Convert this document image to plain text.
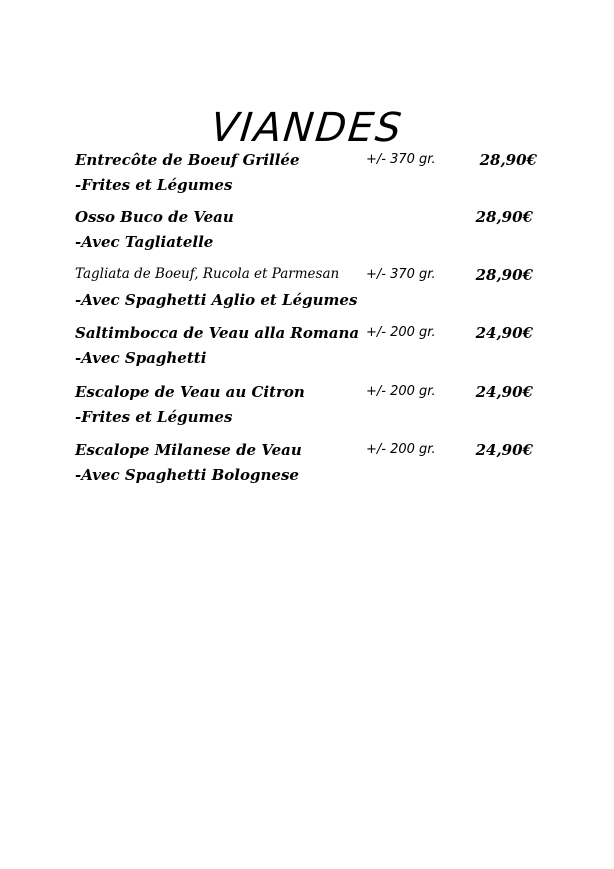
VIANDES
Entrecôte de Boeuf Grillée
-Frites et Légumes
+/- 370 gr.	28,90€
Osso Buco de Veau
-Avec Tagliatelle
28,90€
Tagliata de Boeuf, Rucola et Parmesan
-Avec Spaghetti Aglio et Légumes
+/- 370 gr.	28,90€
Saltimbocca de Veau alla Romana
-Avec Spaghetti
+/- 200 gr.	24,90€
Escalope de Veau au Citron
-Frites et Légumes
+/- 200 gr.	24,90€
Escalope Milanese de Veau
-Avec Spaghetti Bolognese
+/- 200 gr.	24,90€
